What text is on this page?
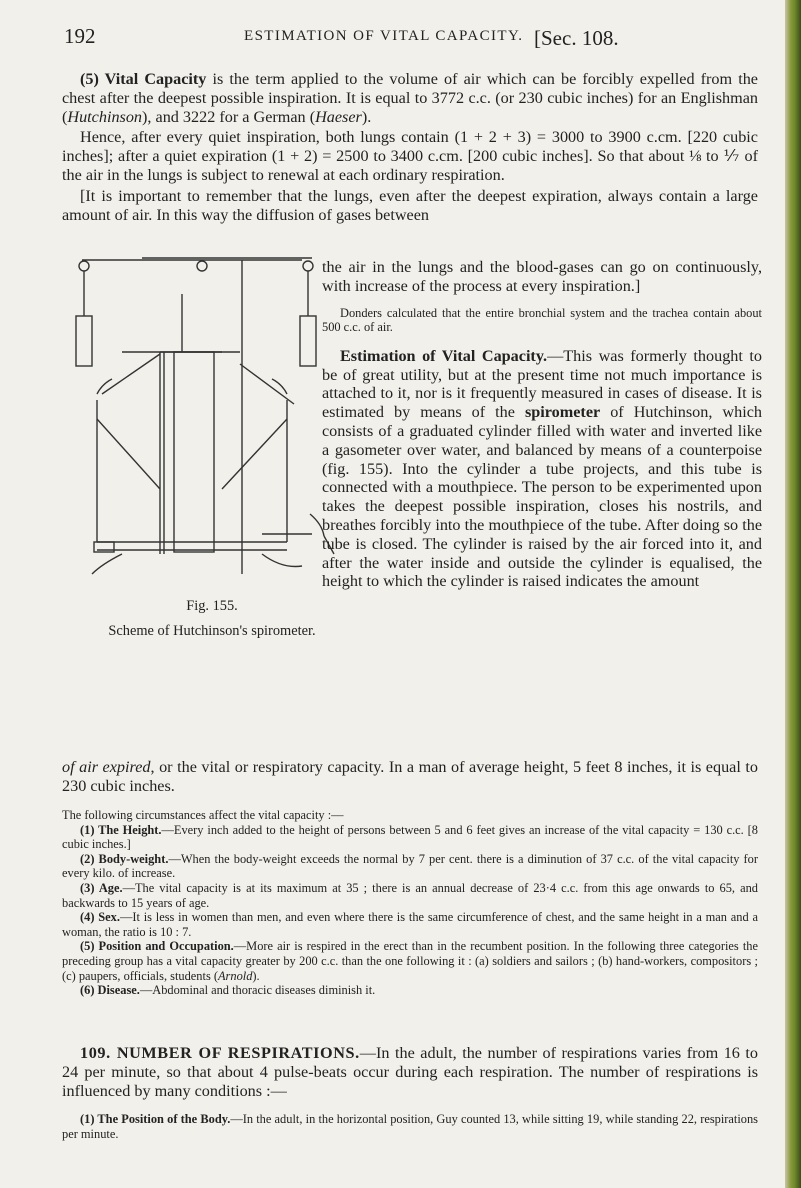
192	ESTIMATION OF VITAL CAPACITY. [Sec. 108.

(5) Vital Capacity is the term applied to the volume of air which can be forcibly expelled from the chest after the deepest possible inspiration. It is equal to 3772 c.c. (or 230 cubic inches) for an Englishman (Hutchinson), and 3222 for a German (Haeser).

Hence, after every quiet inspiration, both lungs contain (1 + 2 + 3) = 3000 to 3900 c.cm. [220 cubic inches]; after a quiet expiration (1 + 2) = 2500 to 3400 c.cm. [200 cubic inches]. So that about ⅛ to ⅐ of the air in the lungs is subject to renewal at each ordinary respiration.

[It is important to remember that the lungs, even after the deepest expiration, always contain a large amount of air. In this way the diffusion of gases between

Fig. 155.
Scheme of Hutchinson's spirometer.

the air in the lungs and the blood-gases can go on continuously, with increase of the process at every inspiration.]

Donders calculated that the entire bronchial system and the trachea contain about 500 c.c. of air.

Estimation of Vital Capacity.—This was formerly thought to be of great utility, but at the present time not much importance is attached to it, nor is it frequently measured in cases of disease. It is estimated by means of the spirometer of Hutchinson, which consists of a graduated cylinder filled with water and inverted like a gasometer over water, and balanced by means of a counterpoise (fig. 155). Into the cylinder a tube projects, and this tube is connected with a mouthpiece. The person to be experimented upon takes the deepest possible inspiration, closes his nostrils, and breathes forcibly into the mouthpiece of the tube. After doing so the tube is closed. The cylinder is raised by the air forced into it, and after the water inside and outside the cylinder is equalised, the height to which the cylinder is raised indicates the amount

of air expired, or the vital or respiratory capacity. In a man of average height, 5 feet 8 inches, it is equal to 230 cubic inches.

The following circumstances affect the vital capacity :—

(1) The Height.—Every inch added to the height of persons between 5 and 6 feet gives an increase of the vital capacity = 130 c.c. [8 cubic inches.]

(2) Body-weight.—When the body-weight exceeds the normal by 7 per cent. there is a diminution of 37 c.c. of the vital capacity for every kilo. of increase.

(3) Age.—The vital capacity is at its maximum at 35 ; there is an annual decrease of 23·4 c.c. from this age onwards to 65, and backwards to 15 years of age.

(4) Sex.—It is less in women than men, and even where there is the same circumference of chest, and the same height in a man and a woman, the ratio is 10 : 7.

(5) Position and Occupation.—More air is respired in the erect than in the recumbent position. In the following three categories the preceding group has a vital capacity greater by 200 c.c. than the one following it : (a) soldiers and sailors ; (b) hand-workers, compositors ; (c) paupers, officials, students (Arnold).

(6) Disease.—Abdominal and thoracic diseases diminish it.

109. NUMBER OF RESPIRATIONS.—In the adult, the number of respirations varies from 16 to 24 per minute, so that about 4 pulse-beats occur during each respiration. The number of respirations is influenced by many conditions :—

(1) The Position of the Body.—In the adult, in the horizontal position, Guy counted 13, while sitting 19, while standing 22, respirations per minute.
